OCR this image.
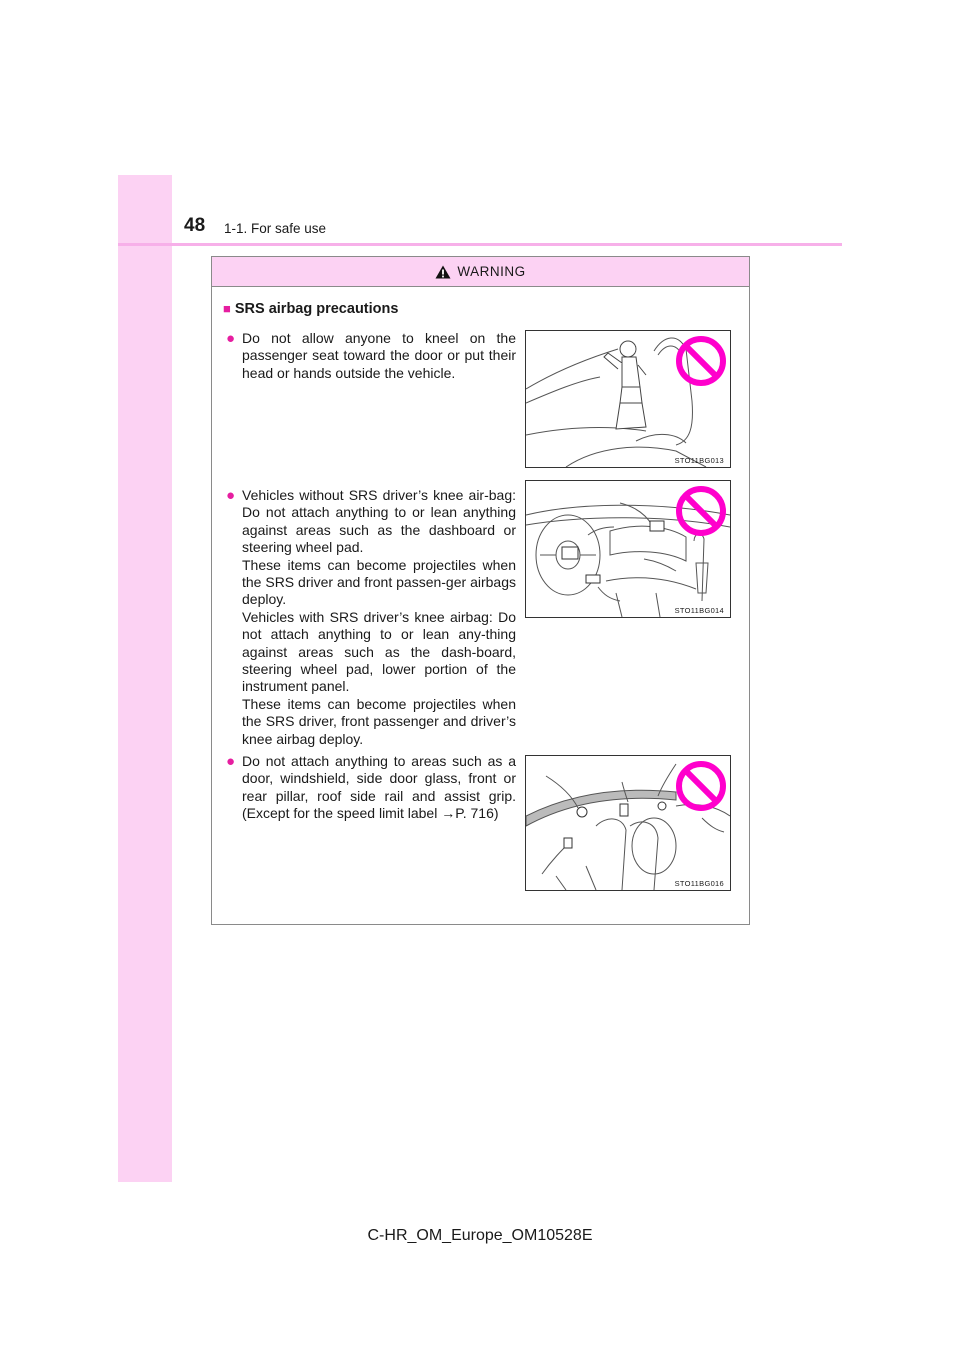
48 1-1. For safe use
WARNING
■ SRS airbag precautions
● Do not allow anyone to kneel on the passenger seat toward the door or put their head or hands outside the vehicle.

STO11BG013
● Vehicles without SRS driver’s knee air-bag: Do not attach anything to or lean anything against areas such as the dashboard or steering wheel pad.

These items can become projectiles when the SRS driver and front passen-ger airbags deploy.

Vehicles with SRS driver’s knee airbag: Do not attach anything to or lean any-thing against areas such as the dash-board, steering wheel pad, lower portion of the instrument panel.

These items can become projectiles when the SRS driver, front passenger and driver’s knee airbag deploy.

STO11BG014
● Do not attach anything to areas such as a door, windshield, side door glass, front or rear pillar, roof side rail and assist grip. (Except for the speed limit label →P. 716)

STO11BG016
C-HR_OM_Europe_OM10528E
